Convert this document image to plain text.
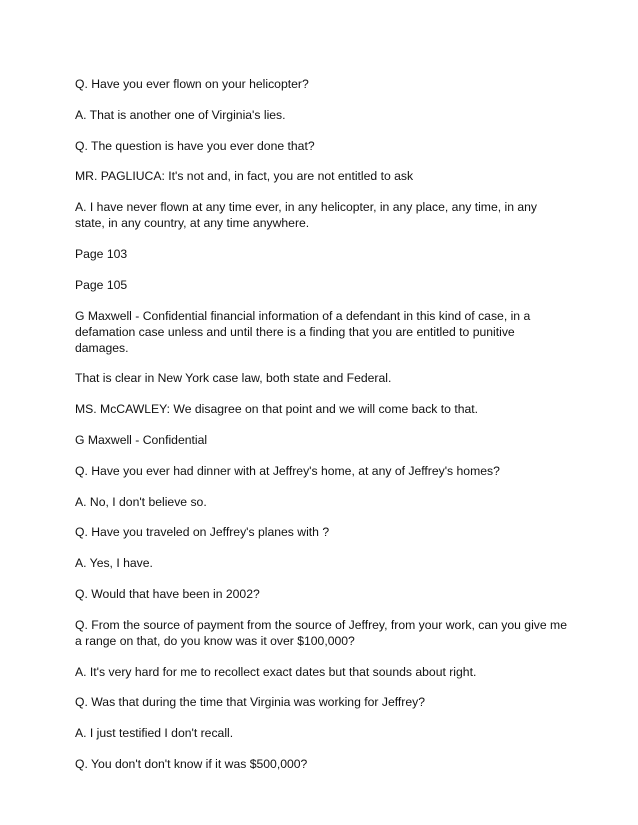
Q. Have you ever flown on your helicopter?

A. That is another one of Virginia's lies.

Q. The question is have you ever done that?

MR. PAGLIUCA: It's not and, in fact, you are not entitled to ask

A. I have never flown at any time ever, in any helicopter, in any place, any time, in any state, in any country, at any time anywhere.

Page 103

Page 105

G Maxwell - Confidential financial information of a defendant in this kind of case, in a defamation case unless and until there is a finding that you are entitled to punitive damages.

That is clear in New York case law, both state and Federal.

MS. McCAWLEY: We disagree on that point and we will come back to that.

G Maxwell - Confidential

Q. Have you ever had dinner with at Jeffrey's home, at any of Jeffrey's homes?

A. No, I don't believe so.

Q. Have you traveled on Jeffrey's planes with ?

A. Yes, I have.

Q. Would that have been in 2002?

Q. From the source of payment from the source of Jeffrey, from your work, can you give me a range on that, do you know was it over $100,000?

A. It's very hard for me to recollect exact dates but that sounds about right.

Q. Was that during the time that Virginia was working for Jeffrey?

A. I just testified I don't recall.

Q. You don't don't know if it was $500,000?
